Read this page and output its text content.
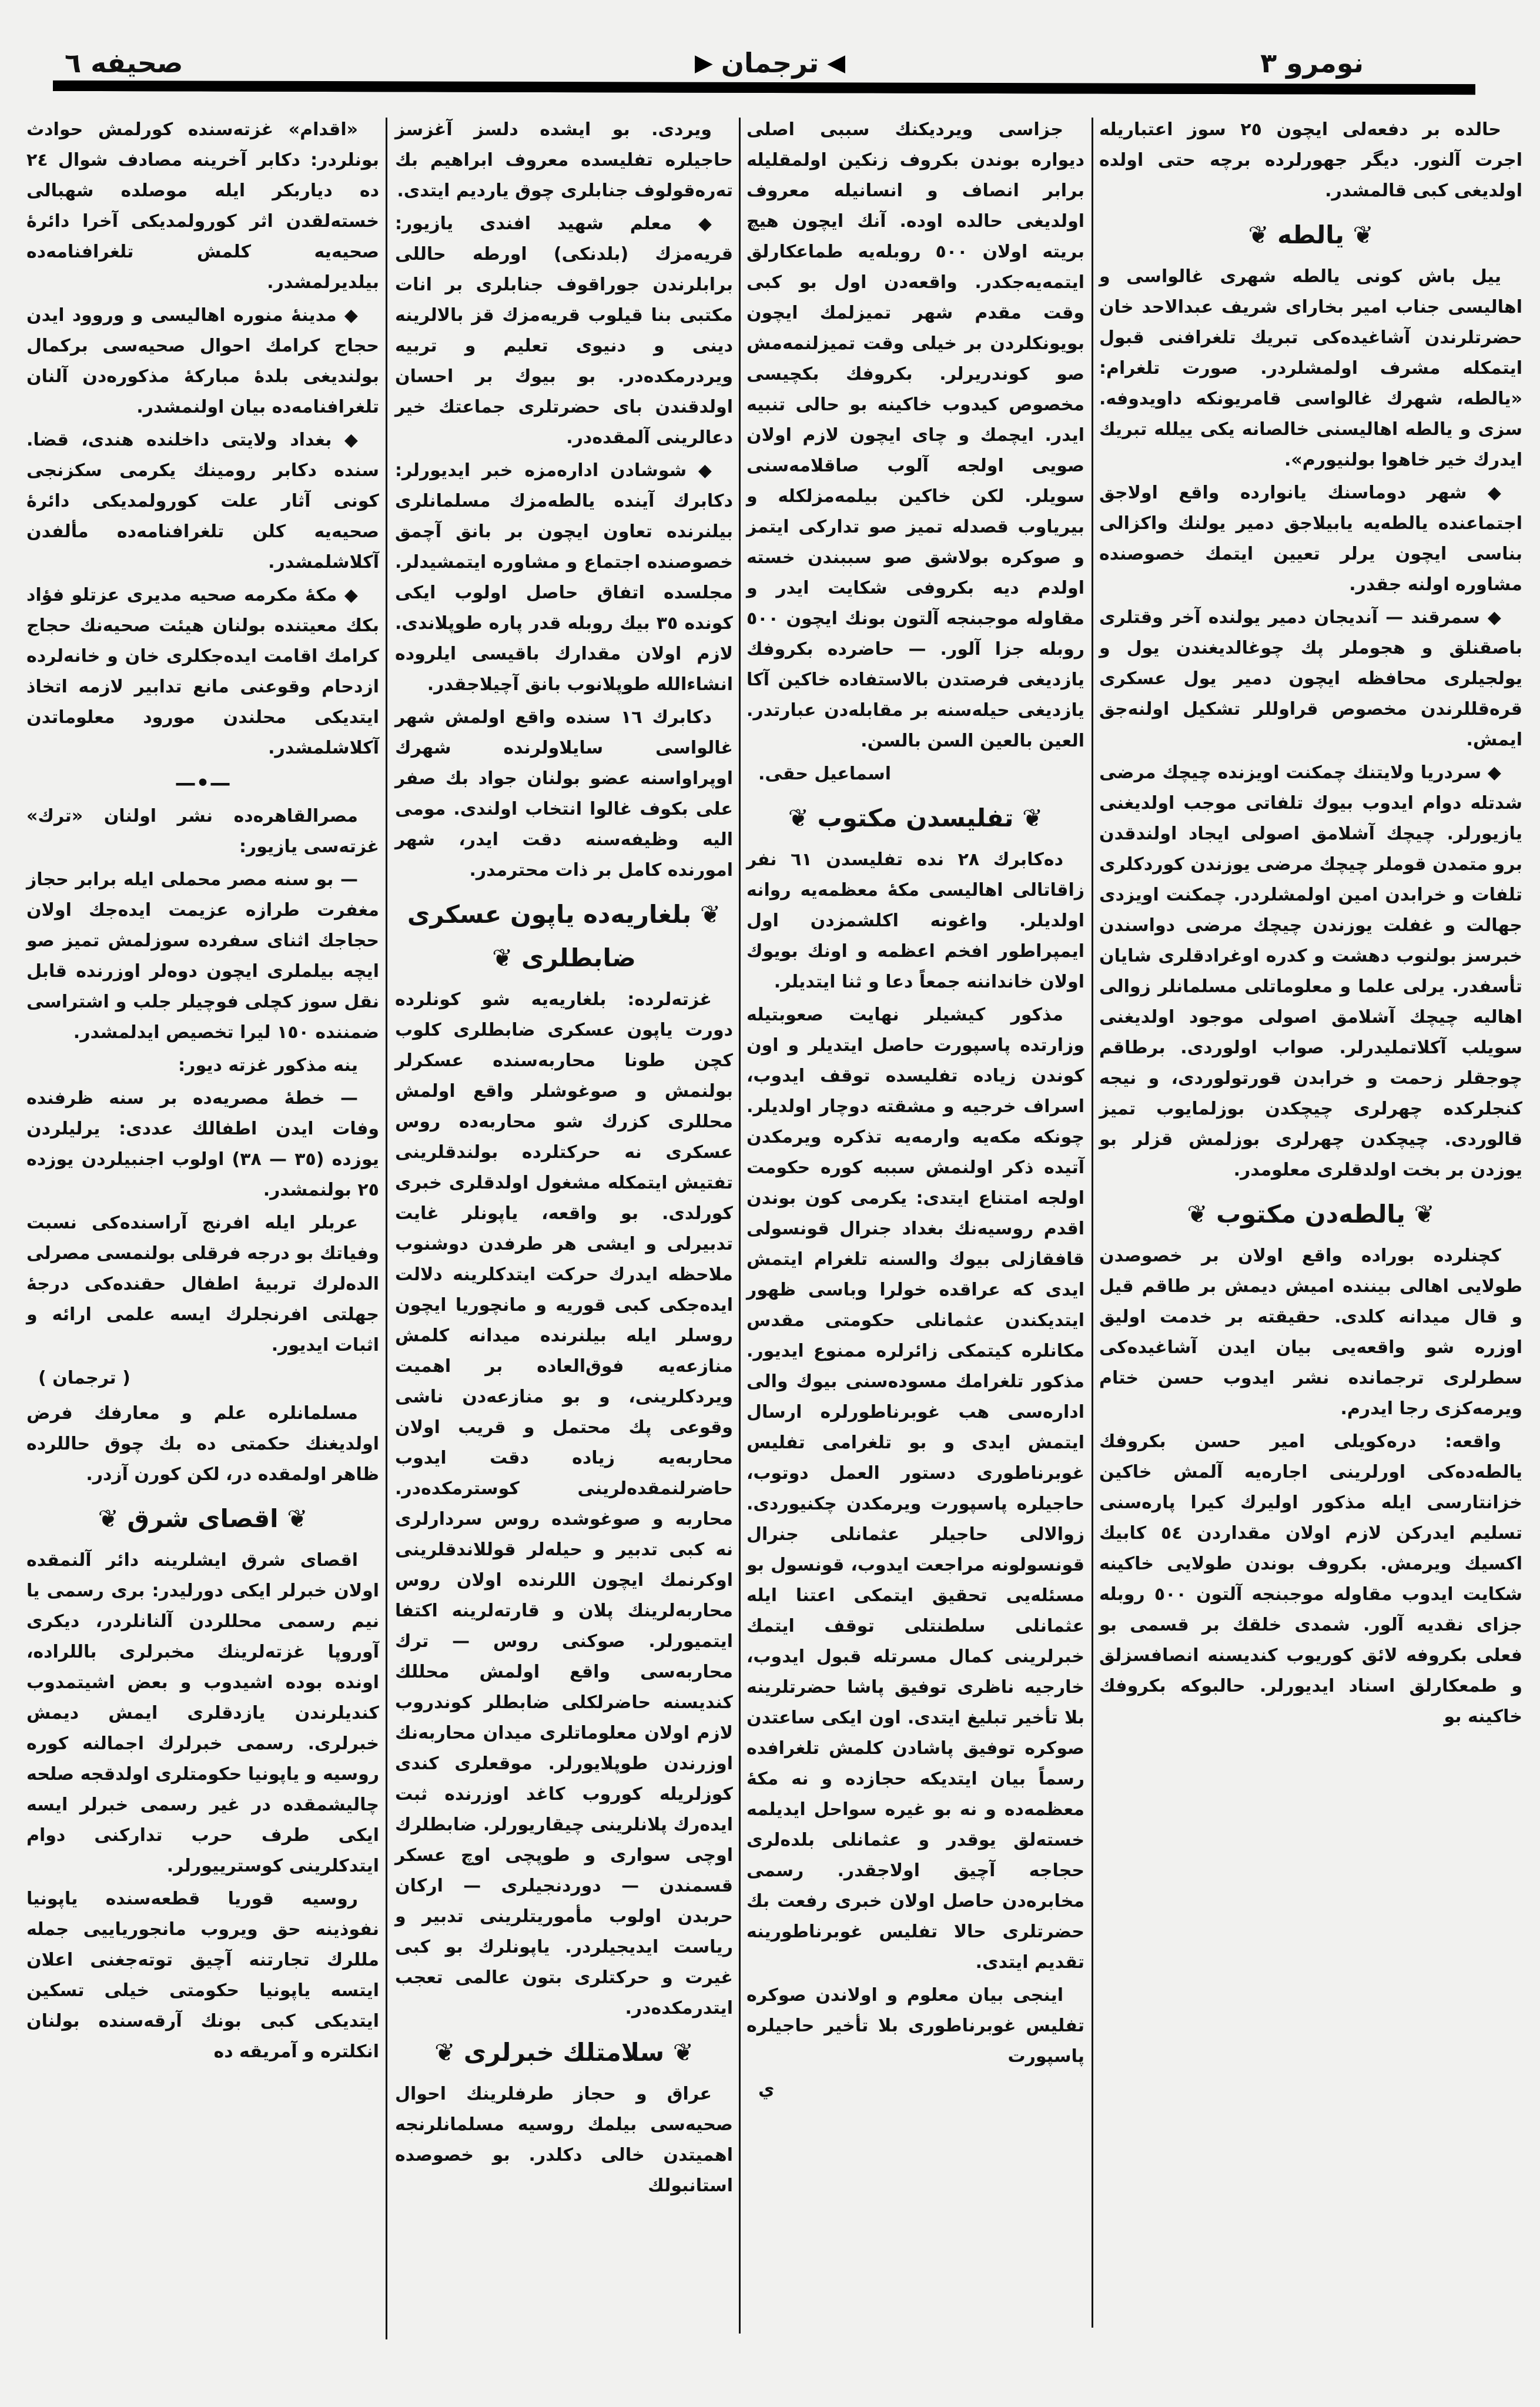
نومرو ٣
◀
ترجمان
▶
صحيفه ٦

حالده بر دفعه‌لى ايچون ٢٥ سوز اعتباريله اجرت آلنور. ديگر جهورلرده برچه حتى اولده اولديغى كبى قالمشدر.

❦ يالطه ❦

ييل باش كونى يالطه شهرى غالواسى و اهاليسى جناب امير بخاراى شريف عبدالاحد خان حضرتلرندن آشاغيده‌كى تبريك تلغرافنى قبول ايتمكله مشرف اولمشلردر. صورت تلغرام: «يالطه، شهرك غالواسى قامريونكه داويدوفه. سزى و يالطه اهاليسنى خالصانه يكى ييلله تبريك ايدرك خير خاهوا بولنيورم».

◆ شهر دوماسنك يانوارده واقع اولاجق اجتماعنده يالطه‌يه يابيلاجق دمير يولنك واكزالى بناسى ايچون يرلر تعيين ايتمك خصوصنده مشاوره اولنه جقدر.

◆ سمرقند — آنديجان دمير يولنده آخر وقتلرى باصقنلق و هجوملر پك چوغالديغندن يول و يولجيلرى محافظه ايچون دمير يول عسكرى قره‌قللرندن مخصوص قراوللر تشكيل اولنه‌جق ايمش.

◆ سردريا ولايتنك چمكنت اويزنده چيچك مرضى شدتله دوام ايدوب بيوك تلفاتى موجب اولديغنى يازيورلر. چيچك آشلامق اصولى ايجاد اولندقدن برو متمدن قوملر چيچك مرضى يوزندن كوردكلرى تلفات و خرابدن امين اولمشلردر. چمكنت اويزدى جهالت و غفلت يوزندن چيچك مرضى دواسندن خبرسز بولنوب دهشت و كدره اوغرادقلرى شايان تأسفدر. يرلى علما و معلوماتلى مسلمانلر زوالى اهاليه چيچك آشلامق اصولى موجود اولديغنى سويلب آكلاتمليدرلر. صواب اولوردى. برطاقم چوجقلر زحمت و خرابدن قورتولوردى، و نيجه كنجلركده چهرلرى چيچكدن بوزلمايوب تميز قالوردى. چيچكدن چهرلرى بوزلمش قزلر بو يوزدن بر بخت اولدقلرى معلومدر.

❦ يالطه‌دن مكتوب ❦

كچنلرده بوراده واقع اولان بر خصوصدن طولايى اهالى بيننده اميش ديمش بر طاقم قيل و قال ميدانه كلدى. حقيقته بر خدمت اوليق اوزره شو واقعه‌يى بيان ايدن آشاغيده‌كى سطرلرى ترجمانده نشر ايدوب حسن ختام ويرمه‌كزى رجا ايدرم.

واقعه: دره‌كويلى امير حسن بكروفك يالطه‌ده‌كى اورلرينى اجاره‌يه آلمش خاكين خزانتارسى ايله مذكور اوليرك كيرا پاره‌سنى تسليم ايدركن لازم اولان مقداردن ٥٤ كابيك اكسيك ويرمش. بكروف بوندن طولايى خاكينه شكايت ايدوب مقاوله موجبنجه آلتون ٥٠٠ روبله جزاى نقديه آلور. شمدى خلقك بر قسمى بو فعلى بكروفه لائق كوريوب كنديسنه انصافسزلق و طمعكارلق اسناد ايديورلر. حالبوكه بكروفك خاكينه بو

جزاسى ويرديكنك سببى اصلى ديواره بوندن بكروف زنكين اولمقليله برابر انصاف و انسانيله معروف اولديغى حالده اوده. آنك ايچون هيچ بريته اولان ٥٠٠ روبله‌يه طماعكارلق ايتمه‌يه‌جكدر. واقعه‌دن اول بو كبى وقت مقدم شهر تميزلمك ايچون بويونكلردن بر خيلى وقت تميزلنمه‌مش صو كوندريرلر. بكروفك بكچيسى مخصوص كيدوب خاكينه بو حالى تنبيه ايدر. ايچمك و چاى ايچون لازم اولان صويى اولجه آلوب صاقلامه‌سنى سويلر. لكن خاكين بيلمه‌مزلكله و بيرياوب قصدله تميز صو تداركى ايتمز و صوكره بولاشق صو سببندن خسته اولدم ديه بكروفى شكايت ايدر و مقاوله موجبنجه آلتون بونك ايچون ٥٠٠ روبله جزا آلور. — حاضرده بكروفك يازديغى فرصتدن بالاستفاده خاكين آكا يازديغى حيله‌سنه بر مقابله‌دن عبارتدر. العين بالعين السن بالسن.

اسماعيل حقى.
❦ تفليسدن مكتوب ❦

دەكابرك ٢٨ نده تفليسدن ٦١ نفر زاقاتالى اهاليسى مكهٔ معظمه‌يه روانه اولديلر. واغونه اكلشمزدن اول ايمپراطور افخم اعظمه و اونك بويوك اولان خانداننه جمعاً دعا و ثنا ايتديلر.

مذكور كيشيلر نهايت صعوبتيله وزارتده پاسپورت حاصل ايتديلر و اون كوندن زياده تفليسده توقف ايدوب، اسراف خرجيه و مشقته دوچار اولديلر. چونكه مكه‌يه وارمه‌يه تذكره ويرمكدن آتيده ذكر اولنمش سببه كوره حكومت اولجه امتناع ايتدى: يكرمى كون بوندن اقدم روسيه‌نك بغداد جنرال قونسولى قافقازلى بيوك والسنه تلغرام ايتمش ايدى كه عراقده خولرا وباسى ظهور ايتديكندن عثمانلى حكومتى مقدس مكانلره كيتمكى زائرلره ممنوع ايديور. مذكور تلغرامك مسوده‌سنى بيوك والى اداره‌سى هب غوبرناطورلره ارسال ايتمش ايدى و بو تلغرامى تفليس غوبرناطورى دستور العمل دوتوب، حاجيلره پاسپورت ويرمكدن چكنيوردى. زوالالى حاجيلر عثمانلى جنرال قونسولونه مراجعت ايدوب، قونسول بو مسئله‌يى تحقيق ايتمكى اعتنا ايله عثمانلى سلطنتلى توقف ايتمك خبرلرينى كمال مسرتله قبول ايدوب، خارجيه ناظرى توفيق پاشا حضرتلرينه بلا تأخير تبليغ ايتدى. اون ايكى ساعتدن صوكره توفيق پاشادن كلمش تلغرافده رسماً بيان ايتديكه حجازده و نه مكهٔ معظمه‌ده و نه بو غيره سواحل ايديلمه خسته‌لق يوقدر و عثمانلى بلده‌لرى حجاجه آچيق اولاجقدر. رسمى مخابره‌دن حاصل اولان خبرى رفعت بك حضرتلرى حالا تفليس غوبرناطورينه تقديم ايتدى.

اينجى بيان معلوم و اولاندن صوكره تفليس غوبرناطورى بلا تأخير حاجيلره پاسپورت

ي

ويردى. بو ايشده دلسز آغزسز حاجيلره تفليسده معروف ابراهيم بك تەرەقولوف جنابلرى چوق يارديم ايتدى.

◆ معلم شهيد افندى يازيور: قريه‌مزك (بلدنكى) اورطه حاللى برابلرندن جوراقوف جنابلرى بر انات مكتبى بنا قيلوب قريه‌مزك قز بالالرينه دينى و دنيوى تعليم و تربيه ويردرمكده‌در. بو بيوك بر احسان اولدقندن باى حضرتلرى جماعتك خير دعالرينى آلمقده‌در.

◆ شوشادن اداره‌مزه خبر ايديورلر: دكابرك آينده يالطه‌مزك مسلمانلرى بيلنرنده تعاون ايچون بر بانق آچمق خصوصنده اجتماع و مشاوره ايتمشيدلر. مجلسده اتفاق حاصل اولوب ايكى كونده ٣٥ بيك روبله قدر پاره طوپلاندى. لازم اولان مقدارك باقيسى ايلروده انشاءالله طوپلانوب بانق آچيلاجقدر.

دكابرك ١٦ سنده واقع اولمش شهر غالواسى سايلاولرنده شهرك اوپراواسنه عضو بولنان جواد بك صفر على بكوف غالوا انتخاب اولندى. مومى اليه وظيفه‌سنه دقت ايدر، شهر امورنده كامل بر ذات محترمدر.

❦ بلغاريه‌ده ياپون عسكرى ضابطلرى ❦

غزته‌لرده: بلغاريه‌يه شو كونلرده دورت ياپون عسكرى ضابطلرى كلوب كچن طونا محاربه‌سنده عسكرلر بولنمش و صوغوشلر واقع اولمش محللرى كزرك شو محاربه‌ده روس عسكرى نه حركتلرده بولندقلرينى تفتيش ايتمكله مشغول اولدقلرى خبرى كورلدى. بو واقعه، ياپونلر غايت تدبيرلى و ايشى هر طرفدن دوشنوب ملاحظه ايدرك حركت ايتدكلرينه دلالت ايده‌جكى كبى قوريه و مانچوريا ايچون روسلر ايله بيلنرنده ميدانه كلمش منازعه‌يه فوق‌العاده بر اهميت ويردكلرينى، و بو منازعه‌دن ناشى وقوعى پك محتمل و قريب اولان محاربه‌يه زياده دقت ايدوب حاضرلنمقده‌لرينى كوسترمكده‌در. محاربه و صوغوشده روس سردارلرى نه كبى تدبير و حيله‌لر قوللاندقلرينى اوكرنمك ايچون اللرنده اولان روس محاربه‌لرينك پلان و قارته‌لرينه اكتفا ايتميورلر. صوكنى روس — ترك محاربه‌سى واقع اولمش محللك كنديسنه حاضرلكلى ضابطلر كوندروب لازم اولان معلوماتلرى ميدان محاربه‌نك اوزرندن طوپلايورلر. موقعلرى كندى كوزلريله كوروب كاغد اوزرنده ثبت ايده‌رك پلانلرينى چيقاريورلر. ضابطلرك اوچى سوارى و طوپچى اوچ عسكر قسمندن — دوردنجيلرى — اركان حربدن اولوب مأموريتلرينى تدبير و رياست ايديجيلردر. ياپونلرك بو كبى غيرت و حركتلرى بتون عالمى تعجب ايتدرمكده‌در.

❦ سلامتلك خبرلرى ❦

عراق و حجاز طرفلرينك احوال صحيه‌سى بيلمك روسيه مسلمانلرنجه اهميتدن خالى دكلدر. بو خصوصده استانبولك

«اقدام» غزته‌سنده كورلمش حوادث بونلردر: دكابر آخرينه مصادف شوال ٢٤ ده دياربكر ايله موصلده شهبالى خسته‌لقدن اثر كورولمديكى آخرا دائرهٔ صحيه‌يه كلمش تلغرافنامه‌ده بيلديرلمشدر.

◆ مدينهٔ منوره اهاليسى و وروود ايدن حجاج كرامك احوال صحيه‌سى بركمال بولنديغى بلدهٔ مباركهٔ مذكوره‌دن آلنان تلغرافنامه‌ده بيان اولنمشدر.

◆ بغداد ولايتى داخلنده هندى، قضا. سنده دكابر رومينك يكرمى سكزنجى كونى آثار علت كورولمديكى دائرهٔ صحيه‌يه كلن تلغرافنامه‌ده مألفدن آكلاشلمشدر.

◆ مكهٔ مكرمه صحيه مديرى عزتلو فؤاد بكك معيتنده بولنان هيئت صحيه‌نك حجاج كرامك اقامت ايده‌جكلرى خان و خانه‌لرده ازدحام وقوعنى مانع تدابير لازمه اتخاذ ايتديكى محلندن مورود معلوماتدن آكلاشلمشدر.

—•—

مصرالقاهره‌ده نشر اولنان «ترك» غزته‌سى يازيور:

— بو سنه مصر محملى ايله برابر حجاز مغفرت طرازه عزيمت ايده‌جك اولان حجاجك اثناى سفرده سوزلمش تميز صو ايچه بيلملرى ايچون دوه‌لر اوزرنده قابل نقل سوز كچلى فوچيلر جلب و اشتراسى ضمننده ١٥٠ ليرا تخصيص ايدلمشدر.

ينه مذكور غزته ديور:

— خطهٔ مصريه‌ده بر سنه ظرفنده وفات ايدن اطفالك عددى: يرليلردن يوزده (٣٥ — ٣٨) اولوب اجنبيلردن يوزده ٢٥ بولنمشدر.

عربلر ايله افرنج آراسنده‌كى نسبت وفياتك بو درجه فرقلى بولنمسى مصرلى الده‌لرك تربيهٔ اطفال حقنده‌كى درجهٔ جهلتى افرنجلرك ايسه علمى ارائه و اثبات ايديور.

( ترجمان )

مسلمانلره علم و معارفك فرض اولديغنك حكمتى ده بك چوق حاللرده ظاهر اولمقده در، لكن كورن آزدر.

❦ اقصاى شرق ❦

اقصاى شرق ايشلرينه دائر آلنمقده اولان خبرلر ايكى دورليدر: برى رسمى يا نيم رسمى محللردن آلنانلردر، ديكرى آوروپا غزته‌لرينك مخبرلرى باللراده، اونده بوده اشيدوب و بعض اشيتمدوب كنديلرندن يازدقلرى ايمش ديمش خبرلرى. رسمى خبرلرك اجمالنه كوره روسيه و ياپونيا حكومتلرى اولدقجه صلحه چاليشمقده در غير رسمى خبرلر ايسه ايكى طرف حرب تداركنى دوام ايتدكلرينى كوسترييورلر.

روسيه قوريا قطعه‌سنده ياپونيا نفوذينه حق ويروب مانجورياييى جمله مللرك تجارتنه آچيق توته‌جغنى اعلان ايتسه ياپونيا حكومتى خيلى تسكين ايتديكى كبى بونك آرقه‌سنده بولنان انكلتره و آمريقه ده
